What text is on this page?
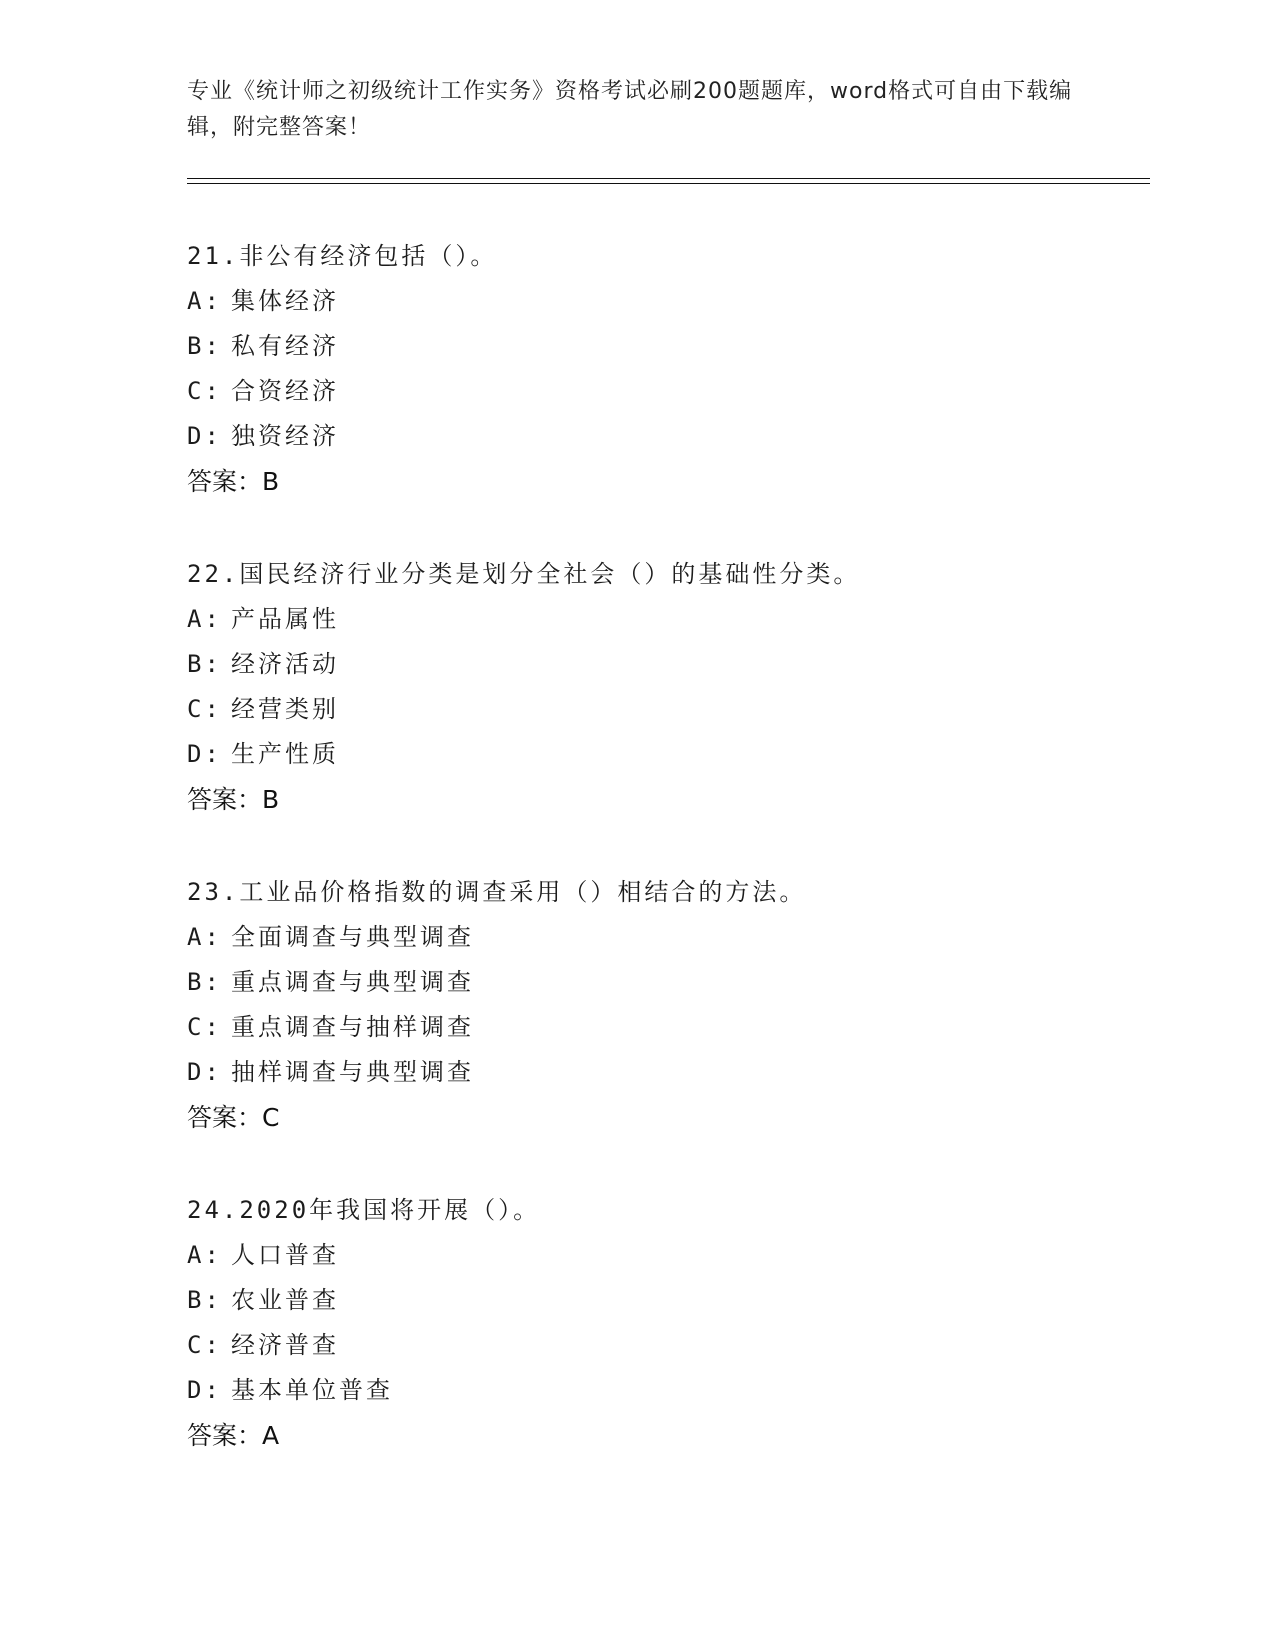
专业《统计师之初级统计工作实务》资格考试必刷200题题库，word格式可自由下载编辑，附完整答案！
21.非公有经济包括（）。
A: 集体经济
B: 私有经济
C: 合资经济
D: 独资经济
答案：B
22.国民经济行业分类是划分全社会（）的基础性分类。
A: 产品属性
B: 经济活动
C: 经营类别
D: 生产性质
答案：B
23.工业品价格指数的调查采用（）相结合的方法。
A: 全面调查与典型调查
B: 重点调查与典型调查
C: 重点调查与抽样调查
D: 抽样调查与典型调查
答案：C
24.2020年我国将开展（）。
A: 人口普查
B: 农业普查
C: 经济普查
D: 基本单位普查
答案：A
